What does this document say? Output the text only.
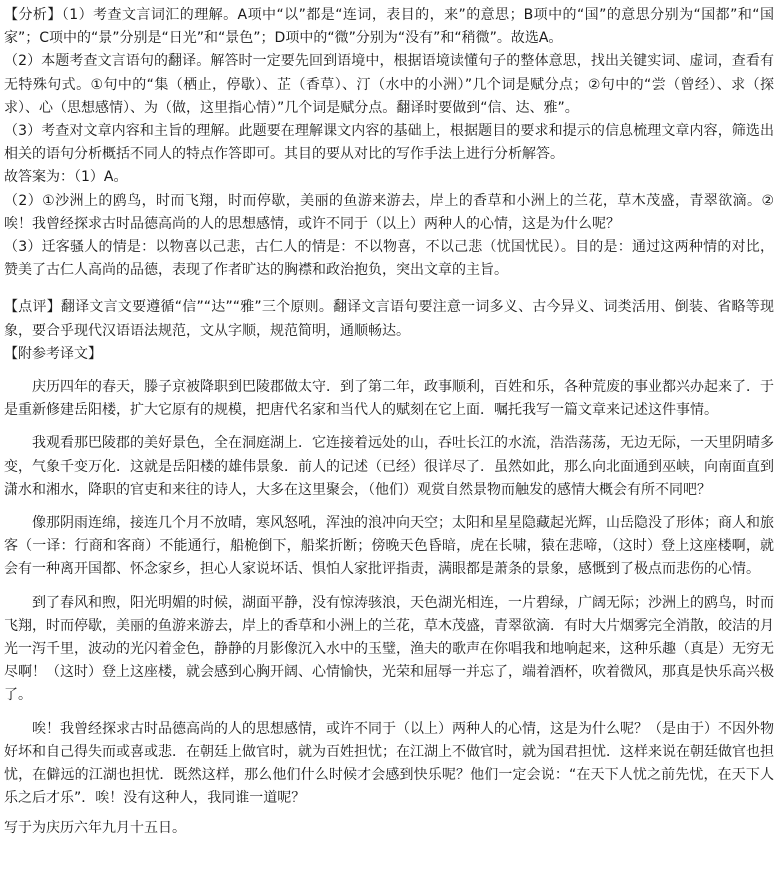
【分析】（1）考查文言词汇的理解。A项中“以”都是“连词，表目的，来”的意思；B项中的“国”的意思分别为“国都”和“国家”；C项中的“景”分别是“日光”和“景色”；D项中的“微”分别为“没有”和“稍微”。故选A。

（2）本题考查文言语句的翻译。解答时一定要先回到语境中，根据语境读懂句子的整体意思，找出关键实词、虚词，查看有无特殊句式。①句中的“集（栖止，停歇）、芷（香草）、汀（水中的小洲）”几个词是赋分点；②句中的“尝（曾经）、求（探求）、心（思想感情）、为（做，这里指心情）”几个词是赋分点。翻译时要做到“信、达、雅”。

（3）考查对文章内容和主旨的理解。此题要在理解课文内容的基础上，根据题目的要求和提示的信息梳理文章内容，筛选出相关的语句分析概括不同人的特点作答即可。其目的要从对比的写作手法上进行分析解答。

故答案为：（1）A。

（2）①沙洲上的鸥鸟，时而飞翔，时而停歇，美丽的鱼游来游去，岸上的香草和小洲上的兰花，草木茂盛，青翠欲滴。②唉！我曾经探求古时品德高尚的人的思想感情，或许不同于（以上）两种人的心情，这是为什么呢？

（3）迁客骚人的情是：以物喜以己悲，古仁人的情是：不以物喜，不以己悲（忧国忧民）。目的是：通过这两种情的对比，赞美了古仁人高尚的品德，表现了作者旷达的胸襟和政治抱负，突出文章的主旨。

【点评】翻译文言文要遵循“信”“达”“雅”三个原则。翻译文言语句要注意一词多义、古今异义、词类活用、倒装、省略等现象，要合乎现代汉语语法规范，文从字顺，规范简明，通顺畅达。

【附参考译文】

庆历四年的春天，滕子京被降职到巴陵郡做太守．到了第二年，政事顺利，百姓和乐，各种荒废的事业都兴办起来了．于是重新修建岳阳楼，扩大它原有的规模，把唐代名家和当代人的赋刻在它上面．嘱托我写一篇文章来记述这件事情。

我观看那巴陵郡的美好景色，全在洞庭湖上．它连接着远处的山，吞吐长江的水流，浩浩荡荡，无边无际，一天里阴晴多变，气象千变万化．这就是岳阳楼的雄伟景象．前人的记述（已经）很详尽了．虽然如此，那么向北面通到巫峡，向南面直到潇水和湘水，降职的官吏和来往的诗人，大多在这里聚会，（他们）观赏自然景物而触发的感情大概会有所不同吧？

像那阴雨连绵，接连几个月不放晴，寒风怒吼，浑浊的浪冲向天空；太阳和星星隐藏起光辉，山岳隐没了形体；商人和旅客（一译：行商和客商）不能通行，船桅倒下，船桨折断；傍晚天色昏暗，虎在长啸，猿在悲啼，（这时）登上这座楼啊，就会有一种离开国都、怀念家乡，担心人家说坏话、惧怕人家批评指责，满眼都是萧条的景象，感慨到了极点而悲伤的心情。

到了春风和煦，阳光明媚的时候，湖面平静，没有惊涛骇浪，天色湖光相连，一片碧绿，广阔无际；沙洲上的鸥鸟，时而飞翔，时而停歇，美丽的鱼游来游去，岸上的香草和小洲上的兰花，草木茂盛，青翠欲滴．有时大片烟雾完全消散，皎洁的月光一泻千里，波动的光闪着金色，静静的月影像沉入水中的玉璧，渔夫的歌声在你唱我和地响起来，这种乐趣（真是）无穷无尽啊！（这时）登上这座楼，就会感到心胸开阔、心情愉快，光荣和屈辱一并忘了，端着酒杯，吹着微风，那真是快乐高兴极了。

唉！我曾经探求古时品德高尚的人的思想感情，或许不同于（以上）两种人的心情，这是为什么呢？（是由于）不因外物好坏和自己得失而或喜或悲．在朝廷上做官时，就为百姓担忧；在江湖上不做官时，就为国君担忧．这样来说在朝廷做官也担忧，在僻远的江湖也担忧．既然这样，那么他们什么时候才会感到快乐呢？他们一定会说：“在天下人忧之前先忧，在天下人乐之后才乐”．唉！没有这种人，我同谁一道呢？

写于为庆历六年九月十五日。
